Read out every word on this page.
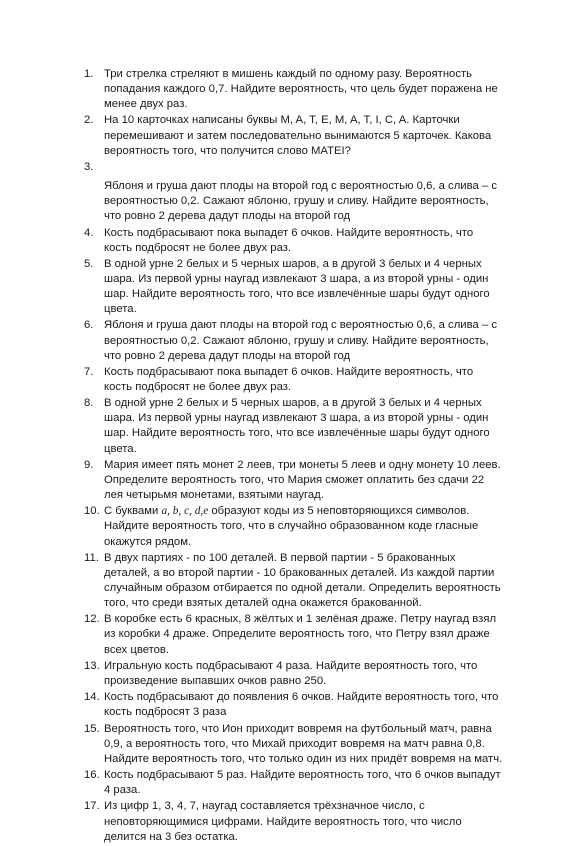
1. Три стрелка стреляют в мишень каждый по одному разу. Вероятность попадания каждого 0,7. Найдите вероятность, что цель будет поражена не менее двух раз.
2. На 10 карточках написаны буквы M, A, T, E, M, A, T, I, C, A. Карточки перемешивают и затем последовательно вынимаются 5 карточек. Какова вероятность того, что получится слово MATEI?
3.

Яблоня и груша дают плоды на второй год с вероятностью 0,6, а слива – с вероятностью 0,2. Сажают яблоню, грушу и сливу. Найдите вероятность, что ровно 2 дерева дадут плоды на второй год
4. Кость подбрасывают пока выпадет 6 очков. Найдите вероятность, что кость подбросят не более двух раз.
5. В одной урне 2 белых и 5 черных шаров, а в другой 3 белых и 4 черных шара. Из первой урны наугад извлекают 3 шара, а из второй урны - один шар. Найдите вероятность того, что все извлечённые шары будут одного цвета.
6. Яблоня и груша дают плоды на второй год с вероятностью 0,6, а слива – с вероятностью 0,2. Сажают яблоню, грушу и сливу. Найдите вероятность, что ровно 2 дерева дадут плоды на второй год
7. Кость подбрасывают пока выпадет 6 очков. Найдите вероятность, что кость подбросят не более двух раз.
8. В одной урне 2 белых и 5 черных шаров, а в другой 3 белых и 4 черных шара. Из первой урны наугад извлекают 3 шара, а из второй урны - один шар. Найдите вероятность того, что все извлечённые шары будут одного цвета.
9. Мария имеет пять монет 2 леев, три монеты 5 леев и одну монету 10 леев. Определите вероятность того, что Мария сможет оплатить без сдачи 22 лея четырьмя монетами, взятыми наугад.
10. С буквами a, b, c, d,e образуют коды из 5 неповторяющихся символов. Найдите вероятность того, что в случайно образованном коде гласные окажутся рядом.
11. В двух партиях - по 100 деталей. В первой партии - 5 бракованных деталей, а во второй партии - 10 бракованных деталей. Из каждой партии случайным образом отбирается по одной детали. Определить вероятность того, что среди взятых деталей одна окажется бракованной.
12. В коробке есть 6 красных, 8 жёлтых и 1 зелёная драже. Петру наугад взял из коробки 4 драже. Определите вероятность того, что Петру взял драже всех цветов.
13. Игральную кость подбрасывают 4 раза. Найдите вероятность того, что произведение выпавших очков равно 250.
14. Кость подбрасывают до появления 6 очков. Найдите вероятность того, что кость подбросят 3 раза
15. Вероятность того, что Ион приходит вовремя на футбольный матч, равна 0,9, а вероятность того, что Михай приходит вовремя на матч равна 0,8. Найдите вероятность того, что только один из них придёт вовремя на матч.
16. Кость подбрасывают 5 раз. Найдите вероятность того, что 6 очков выпадут 4 раза.
17. Из цифр 1, 3, 4, 7, наугад составляется трёхзначное число, с неповторяющимися цифрами. Найдите вероятность того, что число делится на 3 без остатка.
